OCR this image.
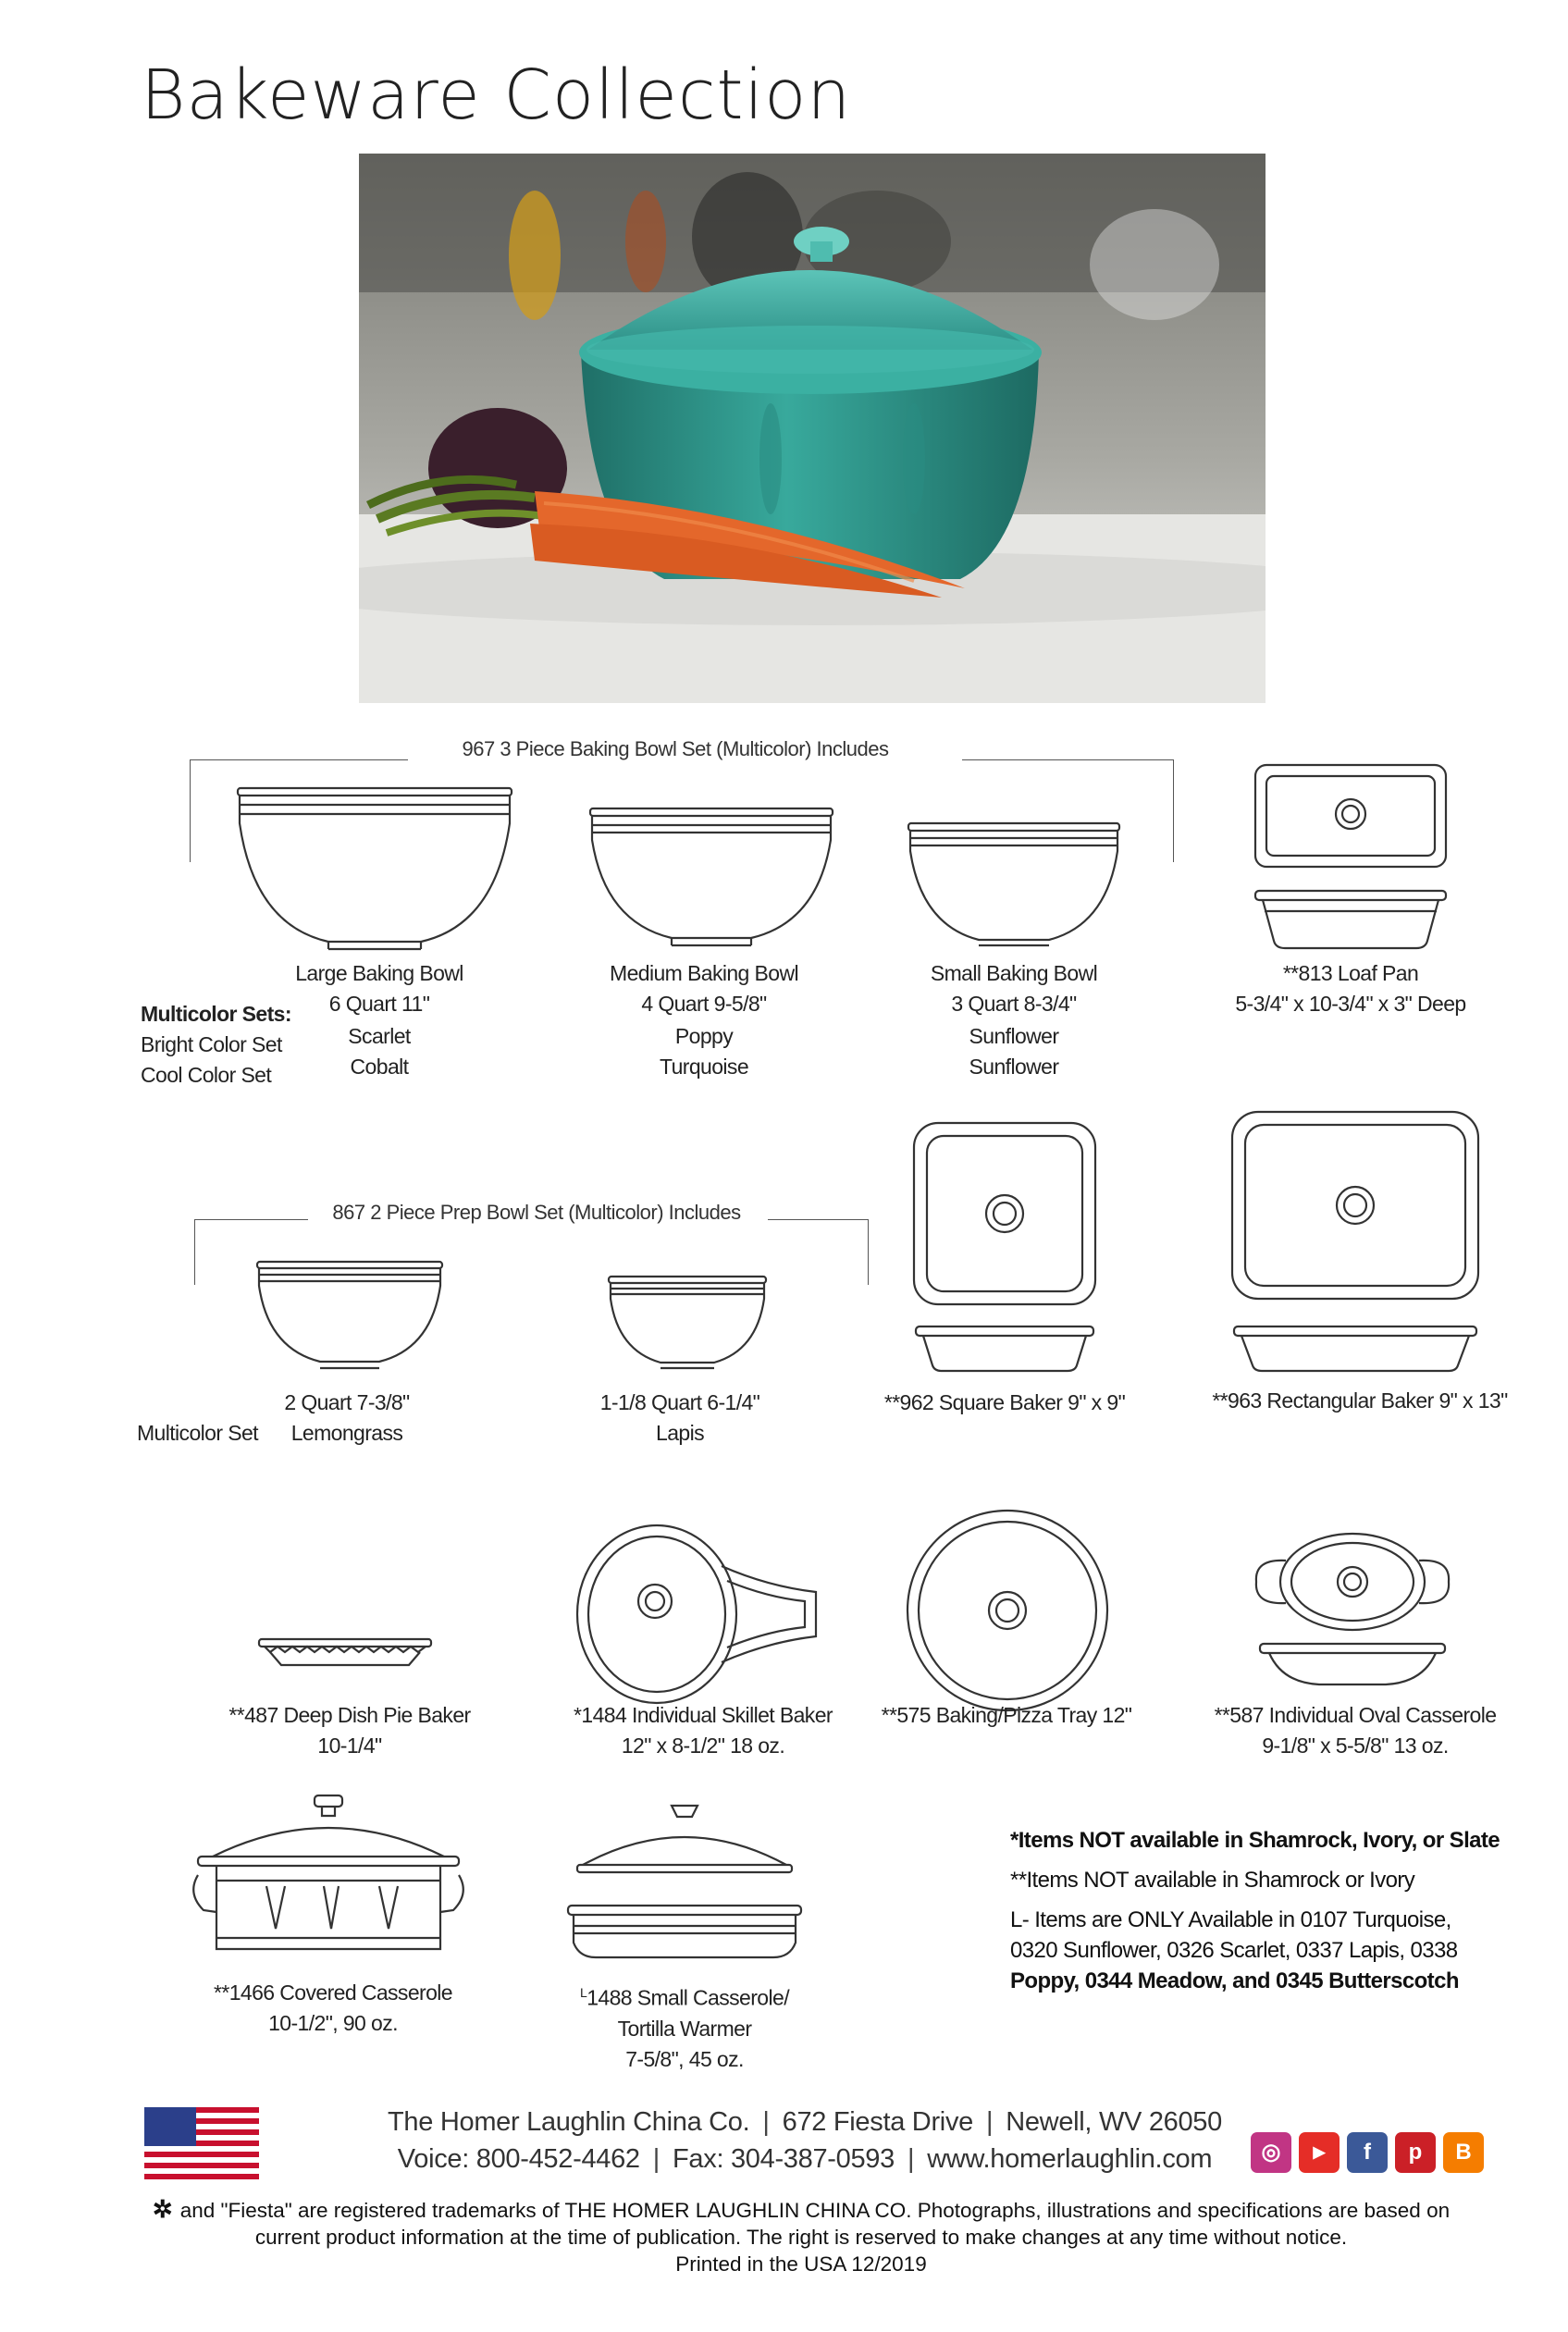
Bakeware Collection
967 3 Piece Baking Bowl Set (Multicolor) Includes
Large Baking Bowl
6 Quart 11"
Scarlet
Cobalt
Medium Baking Bowl
4 Quart 9-5/8"
Poppy
Turquoise
Small Baking Bowl
3 Quart 8-3/4"
Sunflower
Sunflower
Multicolor Sets:
Bright Color Set
Cool Color Set
**813 Loaf Pan
5-3/4" x 10-3/4" x 3" Deep
867 2 Piece Prep Bowl Set (Multicolor) Includes
2 Quart 7-3/8"
Lemongrass
1-1/8 Quart 6-1/4"
Lapis
Multicolor Set
**962 Square Baker 9" x 9"	**963 Rectangular Baker 9" x 13"
**487 Deep Dish Pie Baker
10-1/4"
*1484 Individual Skillet Baker
12" x 8-1/2" 18 oz.
**575 Baking/Pizza Tray 12"	**587 Individual Oval Casserole
9-1/8" x 5-5/8" 13 oz.
**1466 Covered Casserole
10-1/2", 90 oz.
$^L$1488 Small Casserole/
Tortilla Warmer
7-5/8", 45 oz.
*Items NOT available in Shamrock, Ivory, or Slate
**Items NOT available in Shamrock or Ivory
L- Items are ONLY Available in 0107 Turquoise,
0320 Sunflower, 0326 Scarlet, 0337 Lapis, 0338
Poppy, 0344 Meadow, and 0345 Butterscotch
The Homer Laughlin China Co. | 672 Fiesta Drive | Newell, WV 26050
Voice: 800-452-4462 | Fax: 304-387-0593 | www.homerlaughlin.com	◎	▶	f	p	B
✲ and "Fiesta" are registered trademarks of THE HOMER LAUGHLIN CHINA CO. Photographs, illustrations and specifications are based on
current product information at the time of publication. The right is reserved to make changes at any time without notice.
Printed in the USA 12/2019
